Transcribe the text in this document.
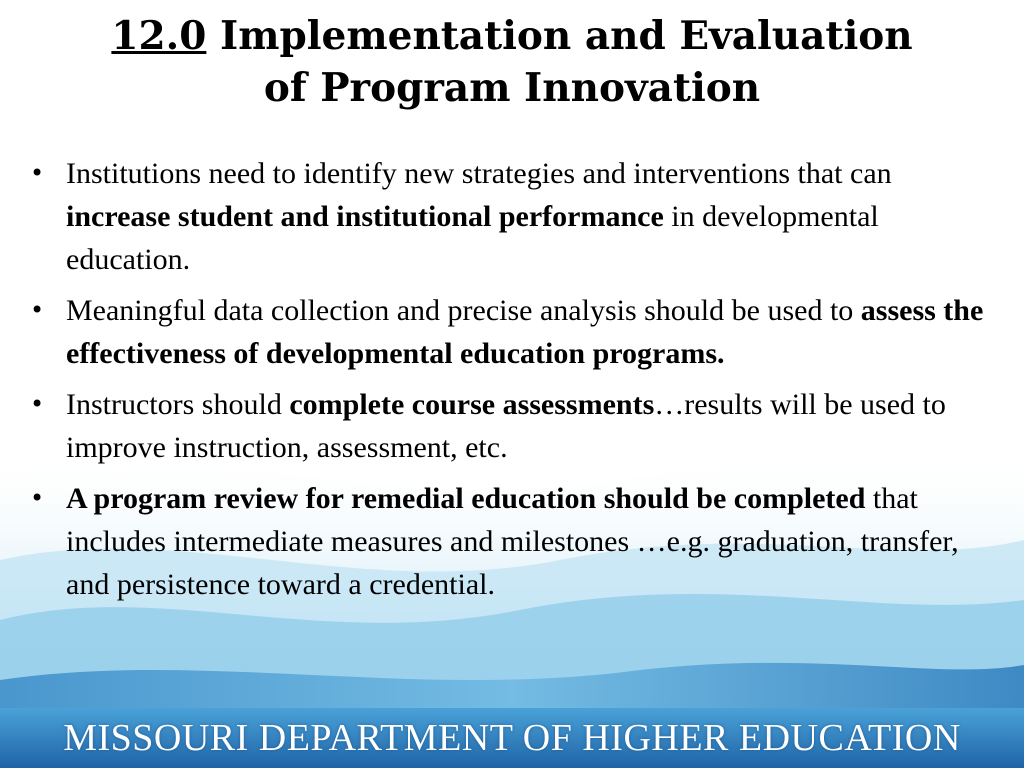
12.0 Implementation and Evaluation
of Program Innovation
• Institutions need to identify new strategies and interventions that can increase student and institutional performance in developmental education.
• Meaningful data collection and precise analysis should be used to assess the effectiveness of developmental education programs.
• Instructors should complete course assessments…results will be used to improve instruction, assessment, etc.
• A program review for remedial education should be completed that includes intermediate measures and milestones …e.g. graduation, transfer, and persistence toward a credential.
MISSOURI DEPARTMENT OF HIGHER EDUCATION
